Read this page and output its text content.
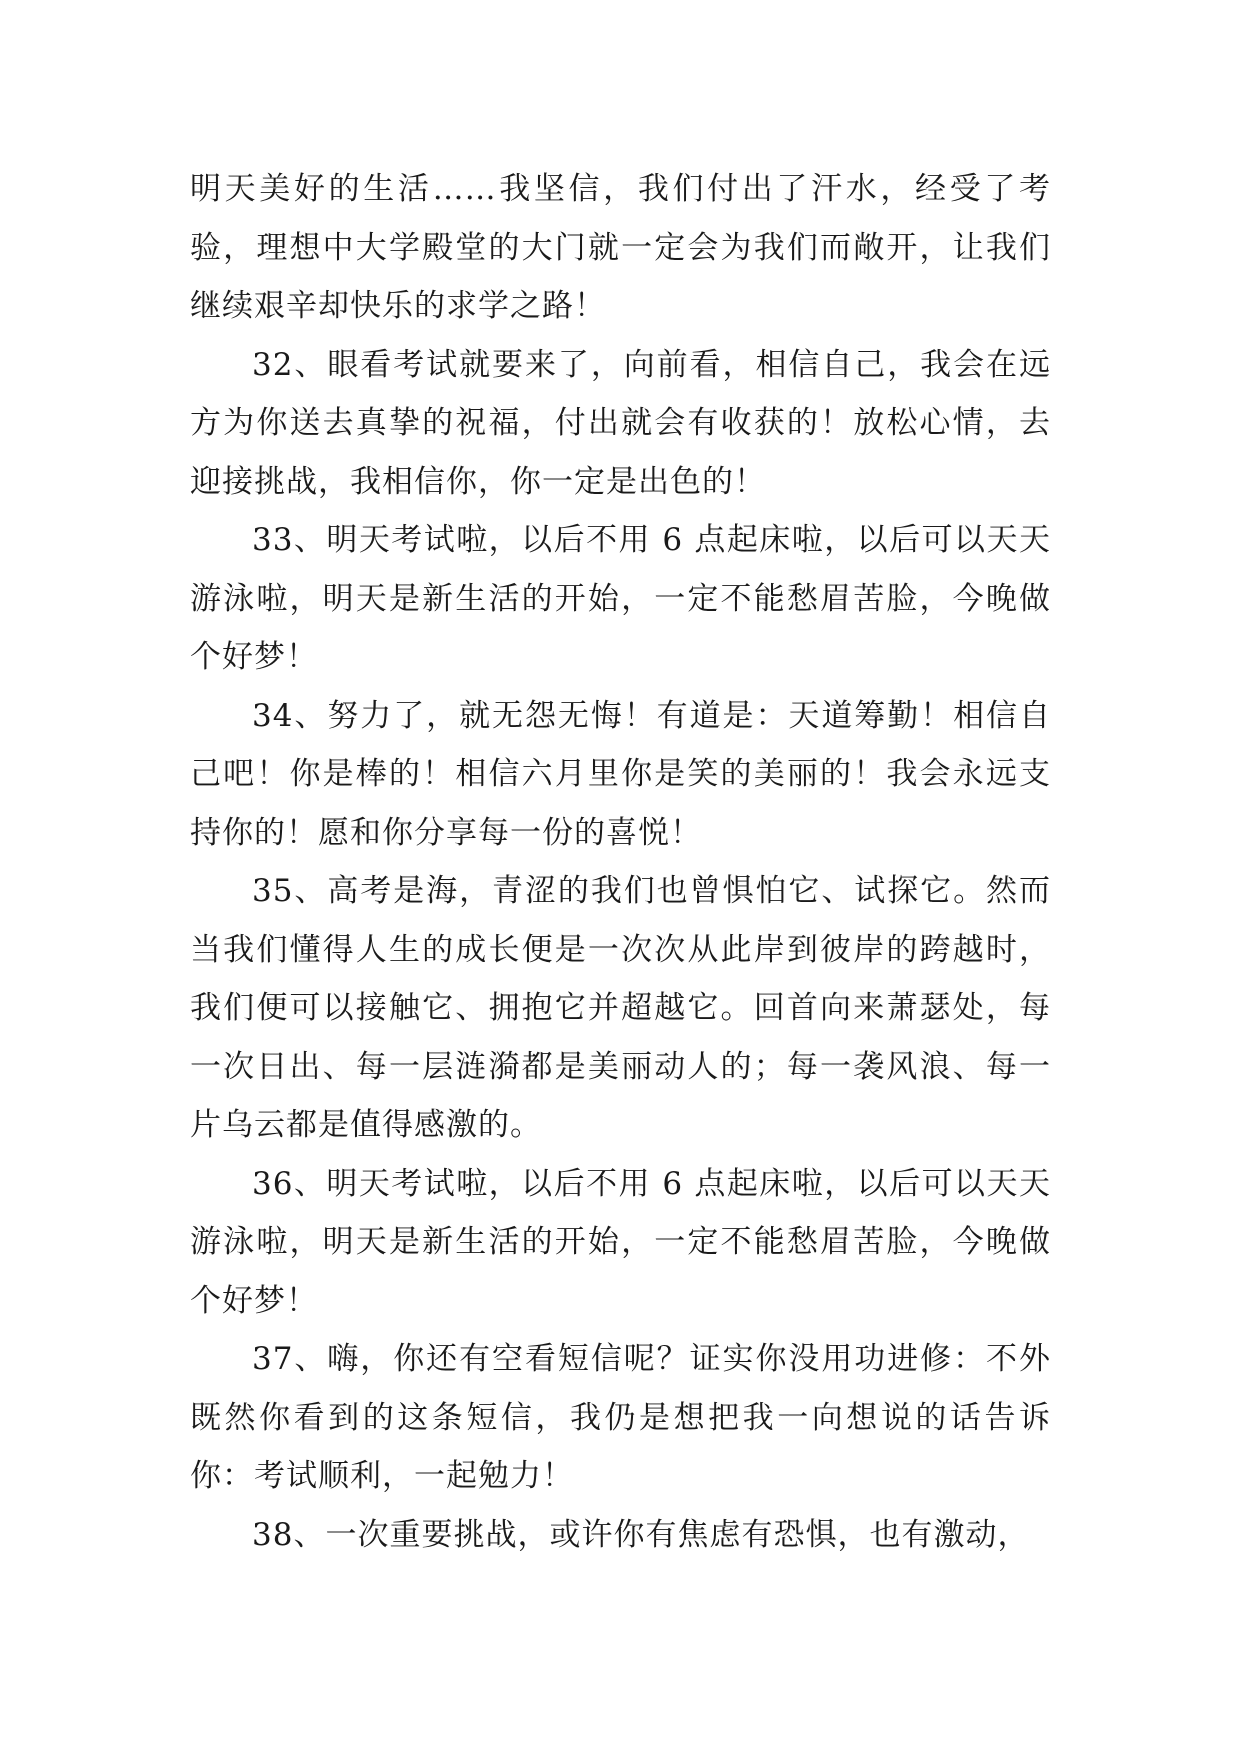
明天美好的生活……我坚信，我们付出了汗水，经受了考验，理想中大学殿堂的大门就一定会为我们而敞开，让我们继续艰辛却快乐的求学之路！

32、眼看考试就要来了，向前看，相信自己，我会在远方为你送去真挚的祝福，付出就会有收获的！放松心情，去迎接挑战，我相信你，你一定是出色的！

33、明天考试啦，以后不用 6 点起床啦，以后可以天天游泳啦，明天是新生活的开始，一定不能愁眉苦脸，今晚做个好梦！

34、努力了，就无怨无悔！有道是：天道筹勤！相信自己吧！你是棒的！相信六月里你是笑的美丽的！我会永远支持你的！愿和你分享每一份的喜悦！

35、高考是海，青涩的我们也曾惧怕它、试探它。然而当我们懂得人生的成长便是一次次从此岸到彼岸的跨越时，我们便可以接触它、拥抱它并超越它。回首向来萧瑟处，每一次日出、每一层涟漪都是美丽动人的；每一袭风浪、每一片乌云都是值得感激的。

36、明天考试啦，以后不用 6 点起床啦，以后可以天天游泳啦，明天是新生活的开始，一定不能愁眉苦脸，今晚做个好梦！

37、嗨，你还有空看短信呢？证实你没用功进修：不外既然你看到的这条短信，我仍是想把我一向想说的话告诉你：考试顺利，一起勉力！

38、一次重要挑战，或许你有焦虑有恐惧，也有激动，
